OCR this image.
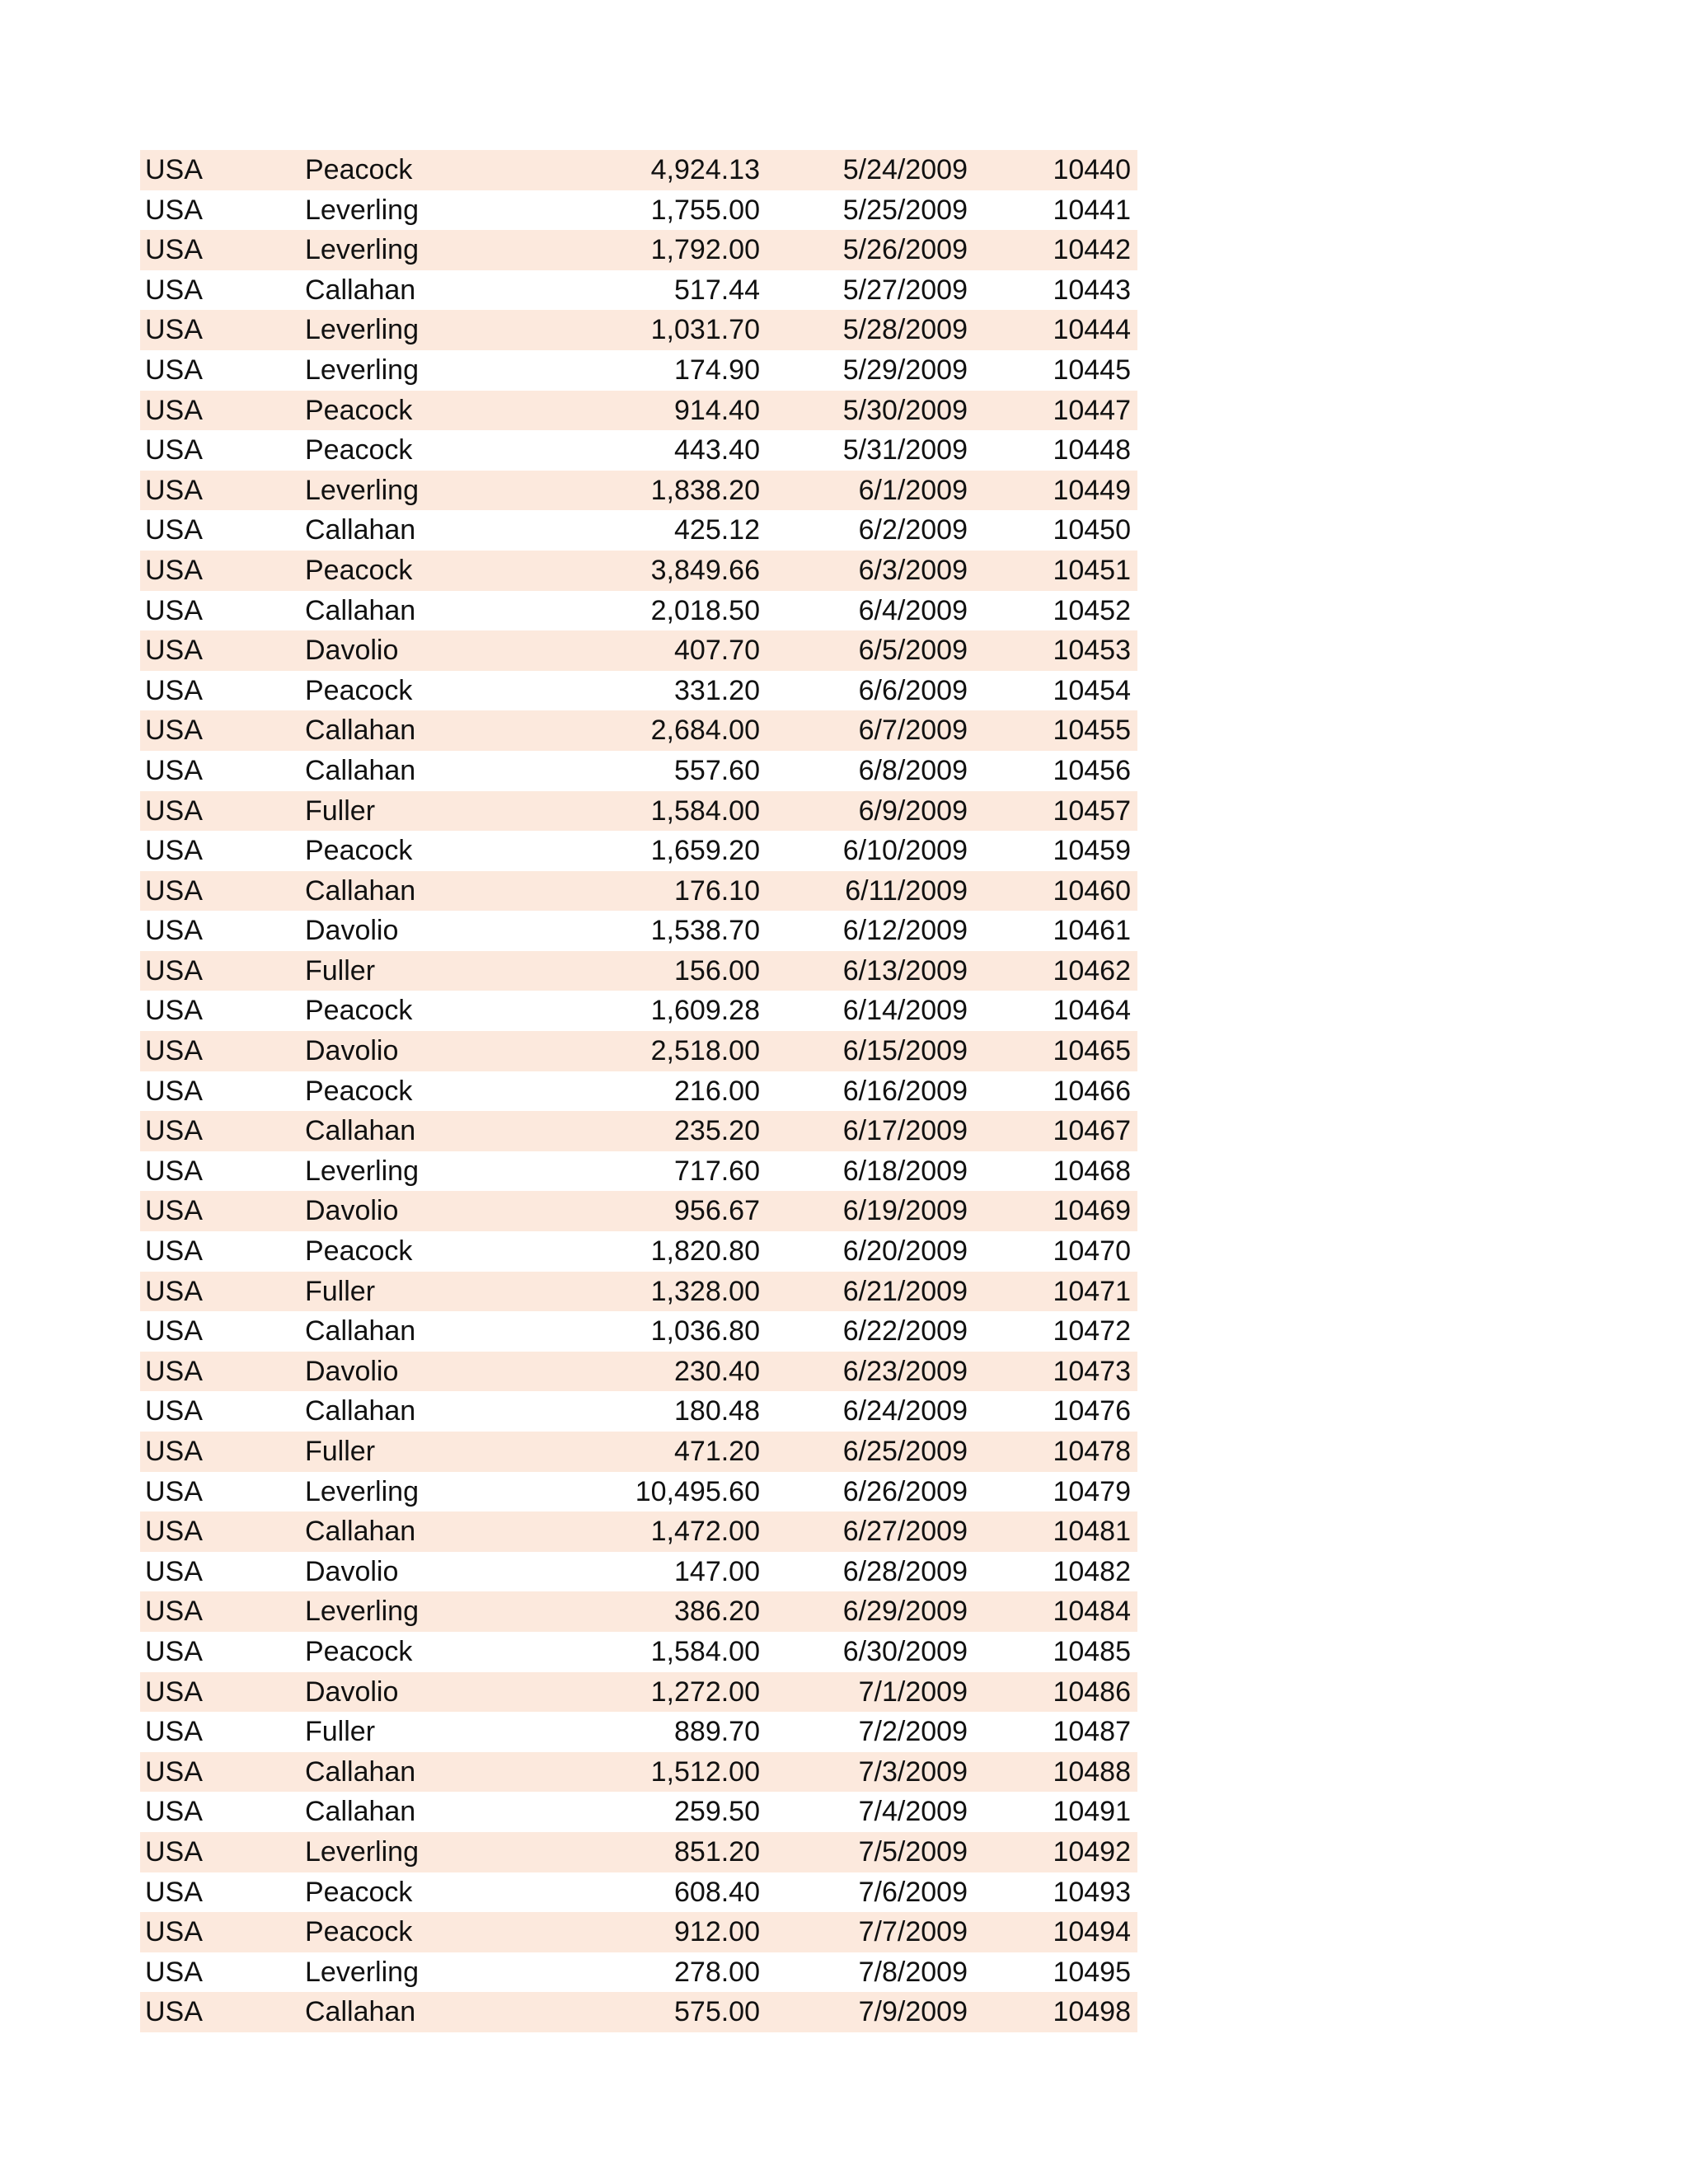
USA	Peacock	4,924.13	5/24/2009	10440
USA	Leverling	1,755.00	5/25/2009	10441
USA	Leverling	1,792.00	5/26/2009	10442
USA	Callahan	517.44	5/27/2009	10443
USA	Leverling	1,031.70	5/28/2009	10444
USA	Leverling	174.90	5/29/2009	10445
USA	Peacock	914.40	5/30/2009	10447
USA	Peacock	443.40	5/31/2009	10448
USA	Leverling	1,838.20	6/1/2009	10449
USA	Callahan	425.12	6/2/2009	10450
USA	Peacock	3,849.66	6/3/2009	10451
USA	Callahan	2,018.50	6/4/2009	10452
USA	Davolio	407.70	6/5/2009	10453
USA	Peacock	331.20	6/6/2009	10454
USA	Callahan	2,684.00	6/7/2009	10455
USA	Callahan	557.60	6/8/2009	10456
USA	Fuller	1,584.00	6/9/2009	10457
USA	Peacock	1,659.20	6/10/2009	10459
USA	Callahan	176.10	6/11/2009	10460
USA	Davolio	1,538.70	6/12/2009	10461
USA	Fuller	156.00	6/13/2009	10462
USA	Peacock	1,609.28	6/14/2009	10464
USA	Davolio	2,518.00	6/15/2009	10465
USA	Peacock	216.00	6/16/2009	10466
USA	Callahan	235.20	6/17/2009	10467
USA	Leverling	717.60	6/18/2009	10468
USA	Davolio	956.67	6/19/2009	10469
USA	Peacock	1,820.80	6/20/2009	10470
USA	Fuller	1,328.00	6/21/2009	10471
USA	Callahan	1,036.80	6/22/2009	10472
USA	Davolio	230.40	6/23/2009	10473
USA	Callahan	180.48	6/24/2009	10476
USA	Fuller	471.20	6/25/2009	10478
USA	Leverling	10,495.60	6/26/2009	10479
USA	Callahan	1,472.00	6/27/2009	10481
USA	Davolio	147.00	6/28/2009	10482
USA	Leverling	386.20	6/29/2009	10484
USA	Peacock	1,584.00	6/30/2009	10485
USA	Davolio	1,272.00	7/1/2009	10486
USA	Fuller	889.70	7/2/2009	10487
USA	Callahan	1,512.00	7/3/2009	10488
USA	Callahan	259.50	7/4/2009	10491
USA	Leverling	851.20	7/5/2009	10492
USA	Peacock	608.40	7/6/2009	10493
USA	Peacock	912.00	7/7/2009	10494
USA	Leverling	278.00	7/8/2009	10495
USA	Callahan	575.00	7/9/2009	10498
